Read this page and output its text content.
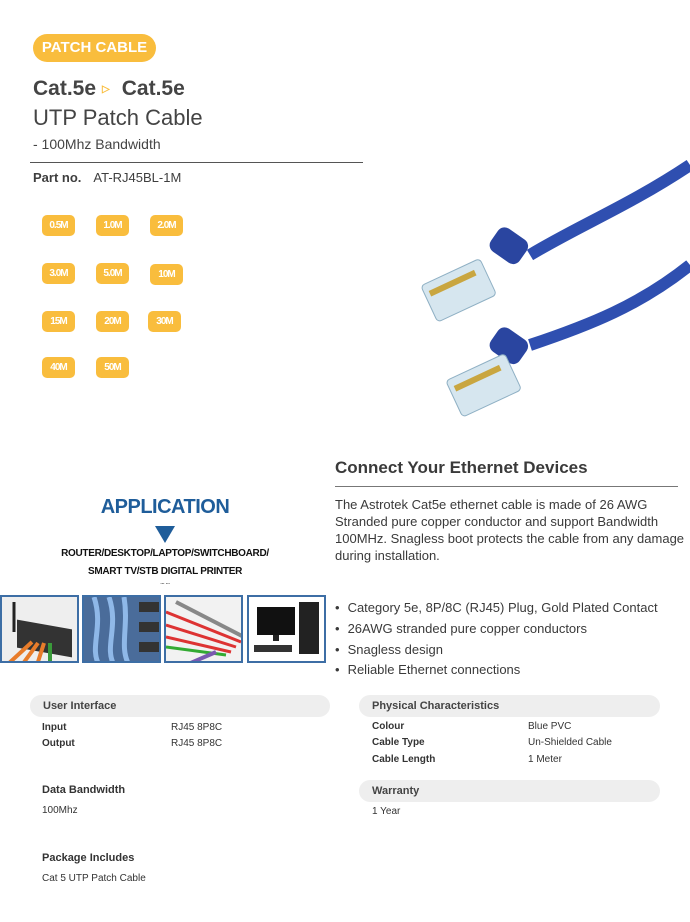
PATCH CABLE
Cat.5e ▷ Cat.5e
UTP Patch Cable
- 100Mhz Bandwidth
Part no. AT-RJ45BL-1M
0.5M	1.0M	2.0M
3.0M	5.0M	10M
15M	20M	30M
40M	50M
Connect Your Ethernet Devices
The Astrotek Cat5e ethernet cable is made of 26 AWG Stranded pure copper conductor and support Bandwidth 100MHz. Snagless boot protects the cable from any damage during installation.
• Category 5e, 8P/8C (RJ45) Plug, Gold Plated Contact
• 26AWG stranded pure copper conductors
• Snagless design
• Reliable Ethernet connections
APPLICATION
ROUTER/DESKTOP/LAPTOP/SWITCHBOARD/
SMART TV/STB DIGITAL PRINTER
... ...
User Interface
Input	RJ45 8P8C
Output	RJ45 8P8C
Data Bandwidth
100Mhz
Package Includes
Cat 5 UTP Patch Cable
Physical Characteristics
Colour	Blue PVC
Cable Type	Un-Shielded Cable
Cable Length	1 Meter
Warranty
1 Year
